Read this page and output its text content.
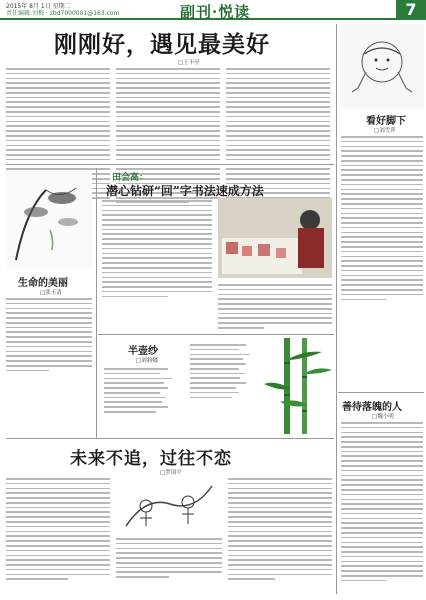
2015年 8月 1日 星期二
责任编辑:刘梅 · zbd7000001@163.com	副刊·悦读	7
刚刚好，遇见最美好
□王丰亭
看好脚下
□刘雪萍
生命的美丽
□张玉清
田会高：
潜心钻研“回”字书法速成方法
半壶纱
□刘莉娜
未来不追，过往不恋
□罗国平
善待落魄的人
□魏小明
